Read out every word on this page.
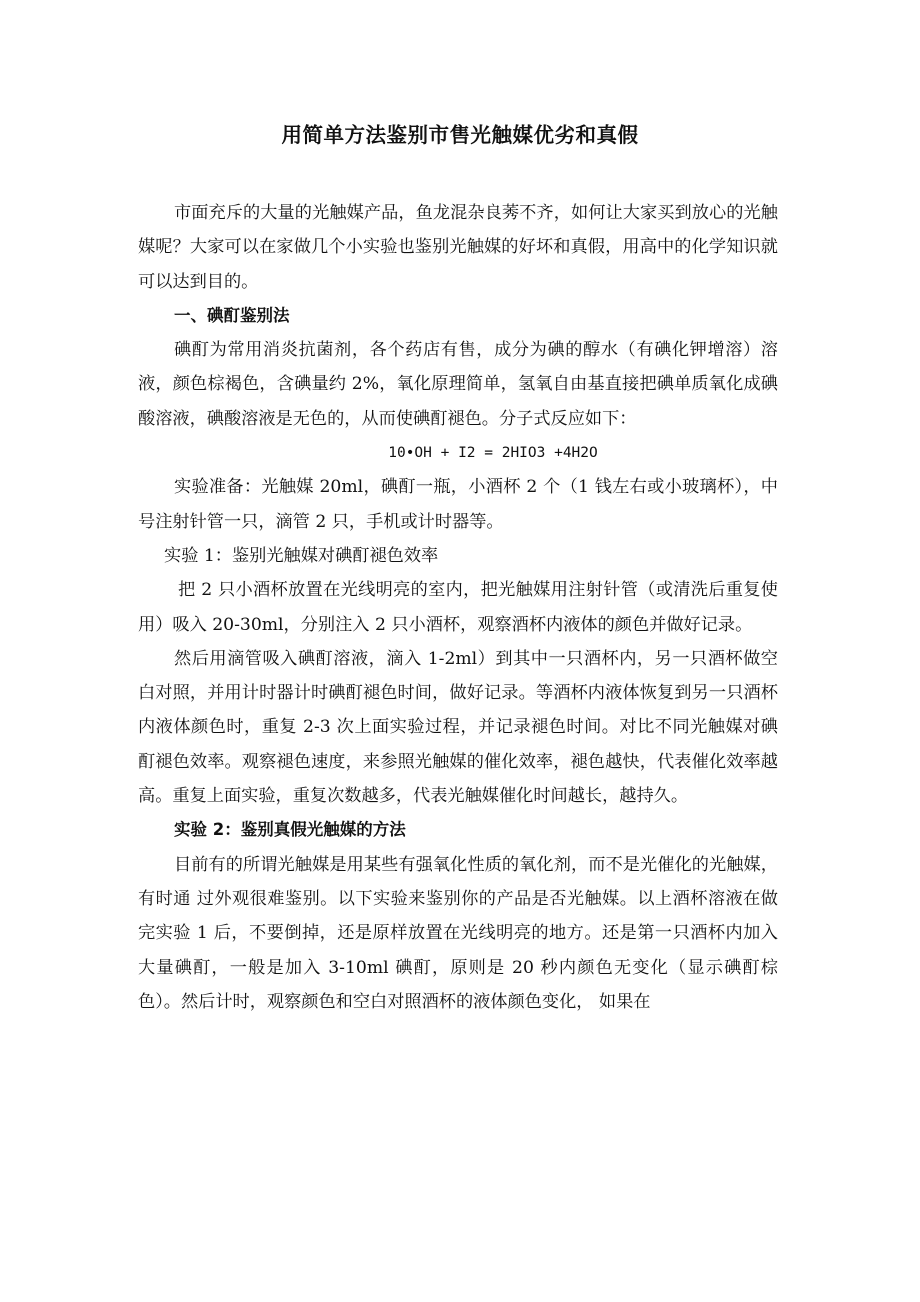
用简单方法鉴别市售光触媒优劣和真假

市面充斥的大量的光触媒产品，鱼龙混杂良莠不齐，如何让大家买到放心的光触媒呢？大家可以在家做几个小实验也鉴别光触媒的好坏和真假，用高中的化学知识就可以达到目的。

一、碘酊鉴别法

碘酊为常用消炎抗菌剂，各个药店有售，成分为碘的醇水（有碘化钾增溶）溶液，颜色棕褐色，含碘量约 2%，氧化原理简单，氢氧自由基直接把碘单质氧化成碘酸溶液，碘酸溶液是无色的，从而使碘酊褪色。分子式反应如下：

10•OH + I2 = 2HIO3 +4H2O

实验准备：光触媒 20ml，碘酊一瓶，小酒杯 2 个（1 钱左右或小玻璃杯），中号注射针管一只，滴管 2 只，手机或计时器等。

实验 1：鉴别光触媒对碘酊褪色效率

把 2 只小酒杯放置在光线明亮的室内，把光触媒用注射针管（或清洗后重复使用）吸入 20-30ml，分别注入 2 只小酒杯，观察酒杯内液体的颜色并做好记录。

然后用滴管吸入碘酊溶液，滴入 1-2ml）到其中一只酒杯内，另一只酒杯做空白对照，并用计时器计时碘酊褪色时间，做好记录。等酒杯内液体恢复到另一只酒杯内液体颜色时，重复 2-3 次上面实验过程，并记录褪色时间。对比不同光触媒对碘酊褪色效率。观察褪色速度，来参照光触媒的催化效率，褪色越快，代表催化效率越高。重复上面实验，重复次数越多，代表光触媒催化时间越长，越持久。

实验 2：鉴别真假光触媒的方法

目前有的所谓光触媒是用某些有强氧化性质的氧化剂，而不是光催化的光触媒，有时通 过外观很难鉴别。以下实验来鉴别你的产品是否光触媒。以上酒杯溶液在做完实验 1 后，不要倒掉，还是原样放置在光线明亮的地方。还是第一只酒杯内加入大量碘酊，一般是加入 3-10ml 碘酊，原则是 20 秒内颜色无变化（显示碘酊棕色）。然后计时，观察颜色和空白对照酒杯的液体颜色变化， 如果在
